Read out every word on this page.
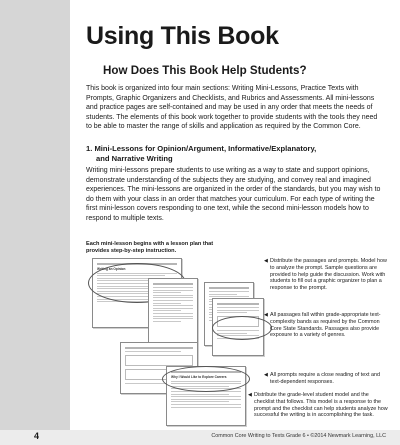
Using This Book
How Does This Book Help Students?

This book is organized into four main sections: Writing Mini-Lessons, Practice Texts with Prompts, Graphic Organizers and Checklists, and Rubrics and Assessments. All mini-lessons and practice pages are self-contained and may be used in any order that meets the needs of students. The elements of this book work together to provide students with the tools they need to be able to master the range of skills and application as required by the Common Core.

1. Mini-Lessons for Opinion/Argument, Informative/Explanatory,
and Narrative Writing

Writing mini-lessons prepare students to use writing as a way to state and support opinions, demonstrate understanding of the subjects they are studying, and convey real and imagined experiences. The mini-lessons are organized in the order of the standards, but you may wish to do them with your class in an order that matches your curriculum. For each type of writing the first mini-lesson covers responding to one text, while the second mini-lesson models how to respond to multiple texts.

Each mini-lesson begins with a lesson plan that provides step-by-step instruction.
Writing an Opinion
Why I Would Like to Explore Careers
◀ Distribute the passages and prompts. Model how to analyze the prompt. Sample questions are provided to help guide the discussion. Work with students to fill out a graphic organizer to plan a response to the prompt.
◀ All passages fall within grade-appropriate text-complexity bands as required by the Common Core State Standards. Passages also provide exposure to a variety of genres.
◀ All prompts require a close reading of text and text-dependent responses.
◀ Distribute the grade-level student model and the checklist that follows. This model is a response to the prompt and the checklist can help students analyze how successful the writing is in accomplishing the task.
4	Common Core Writing to Texts Grade 6 • ©2014 Newmark Learning, LLC
